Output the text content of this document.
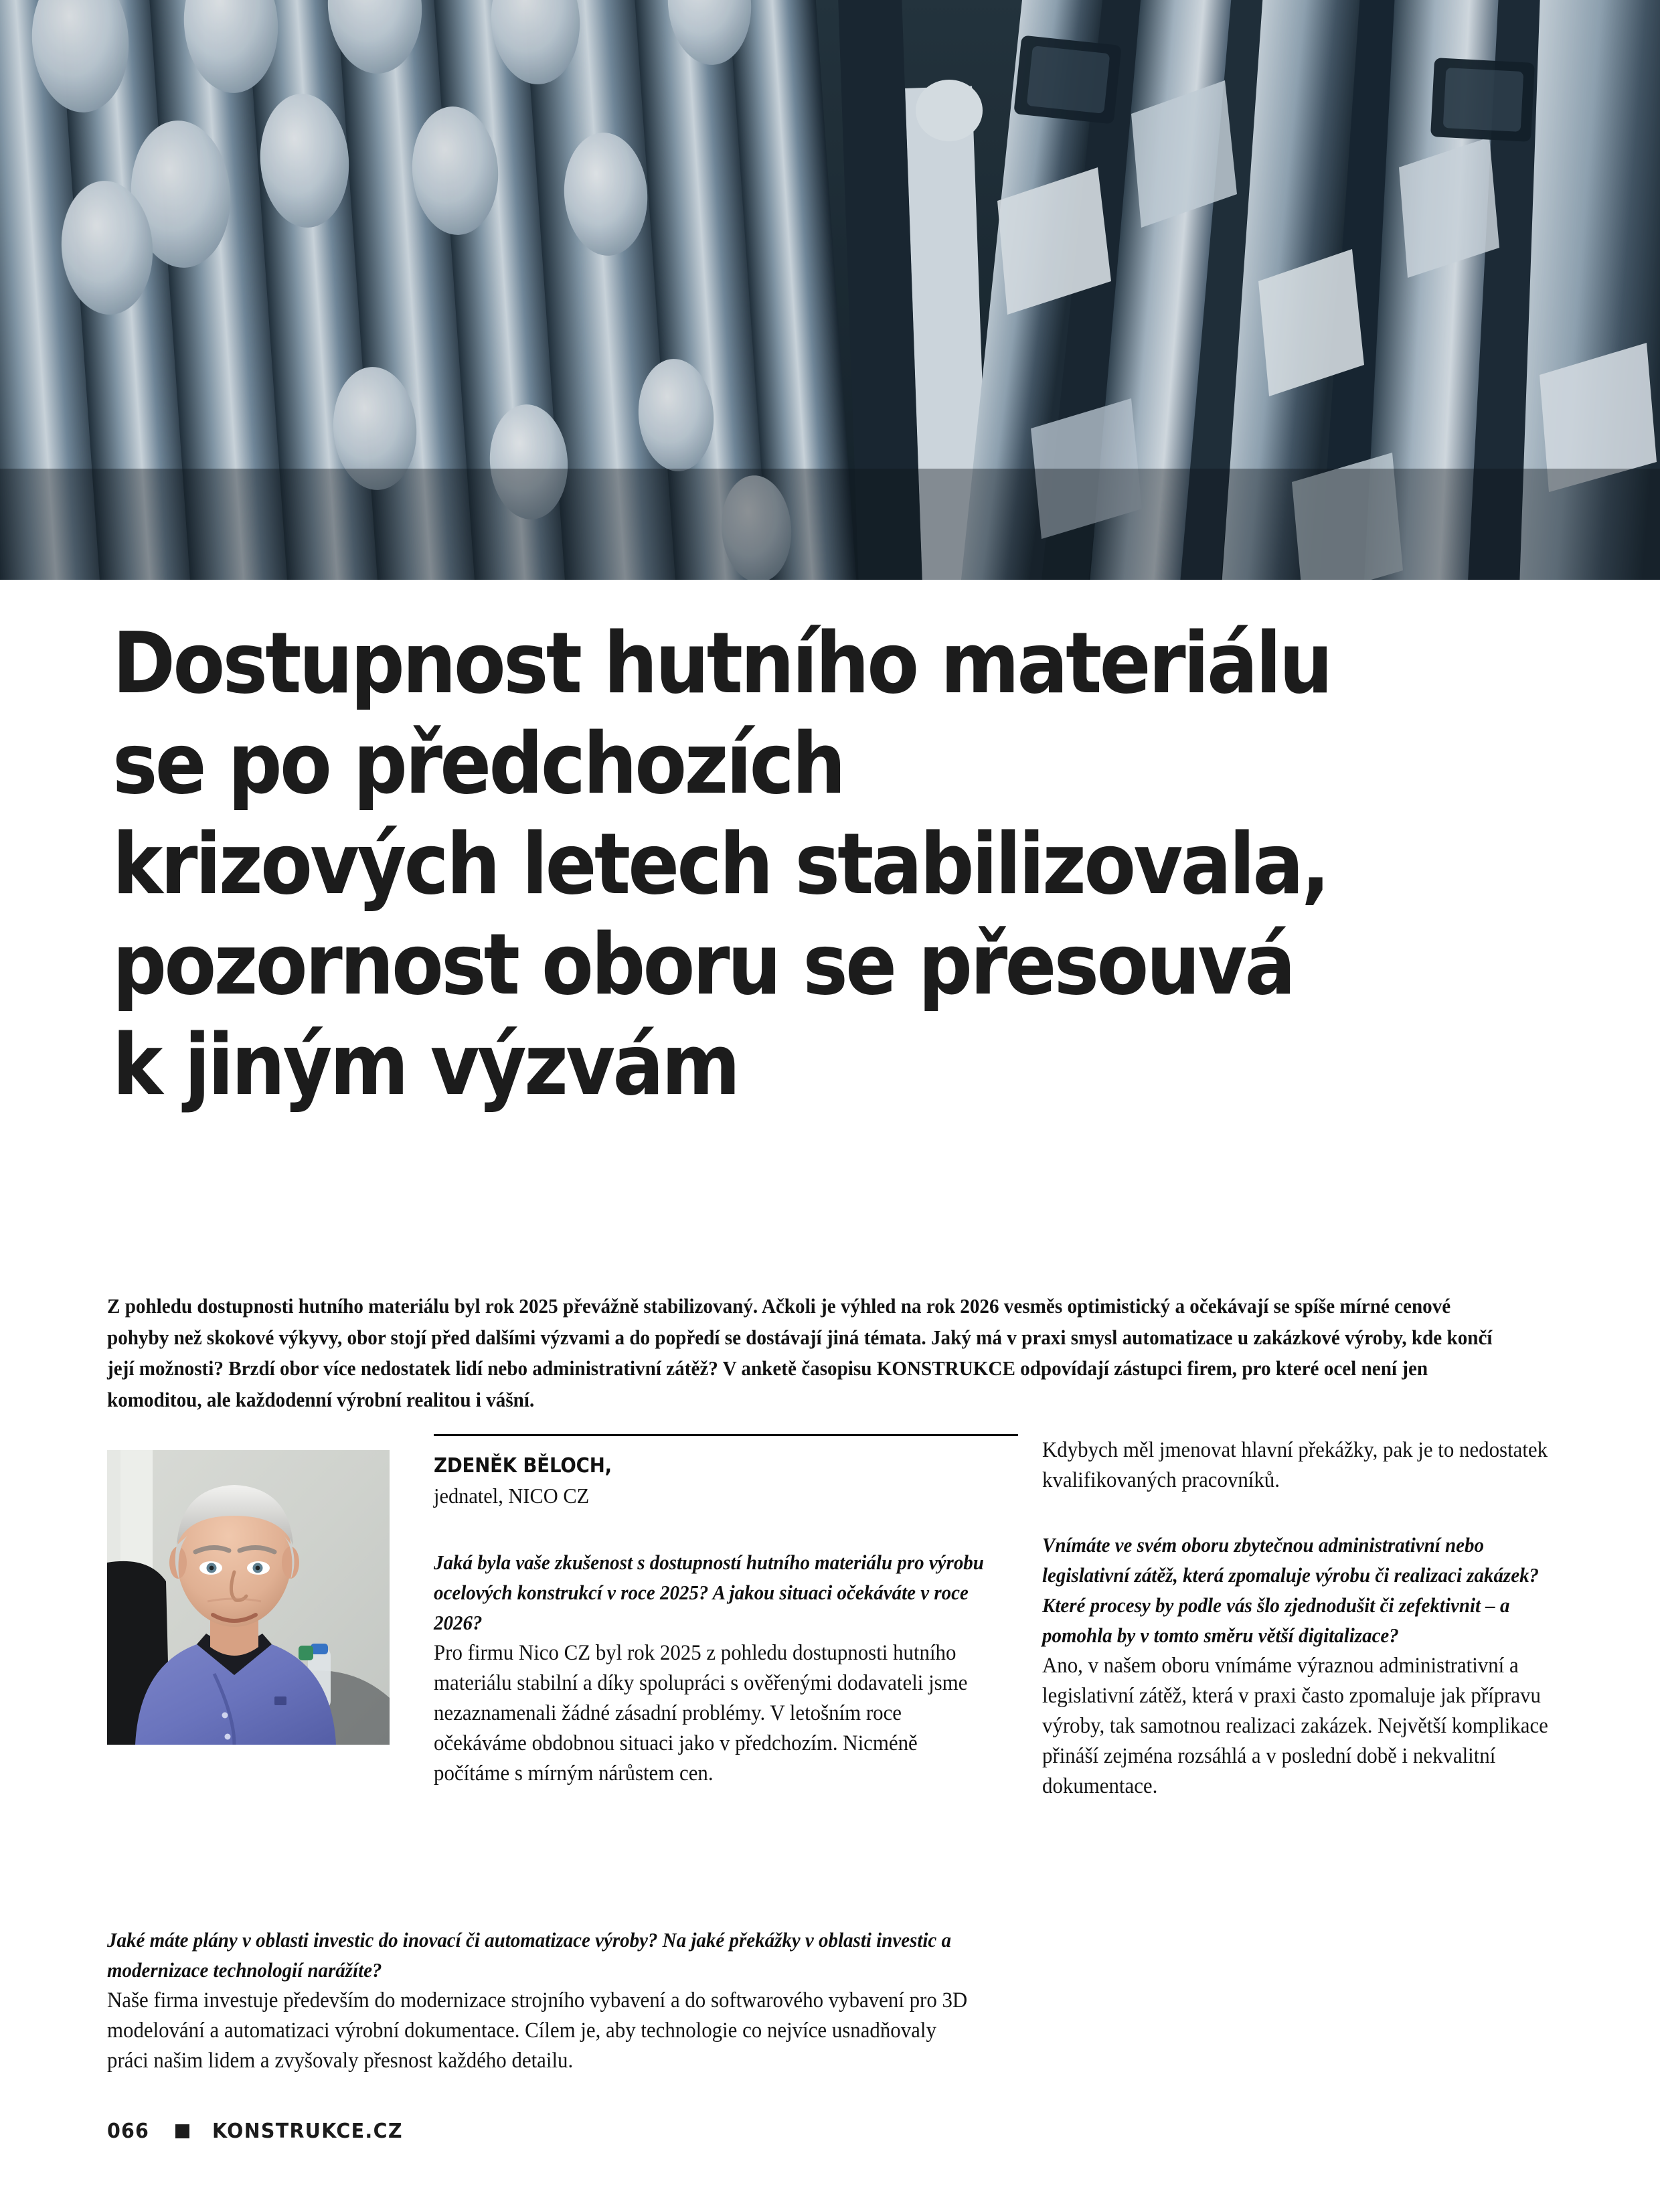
Dostupnost hutního materiálu
se po předchozích
krizových letech stabilizovala,
pozornost oboru se přesouvá
k jiným výzvám

Z pohledu dostupnosti hutního materiálu byl rok 2025 převážně stabilizovaný. Ačkoli je výhled na rok 2026 vesměs optimistický a očekávají se spíše mírné cenové pohyby než skokové výkyvy, obor stojí před dalšími výzvami a do popředí se dostávají jiná témata. Jaký má v praxi smysl automatizace u zakázkové výroby, kde končí její možnosti? Brzdí obor více nedostatek lidí nebo administrativní zátěž? V anketě časopisu KONSTRUKCE odpovídají zástupci firem, pro které ocel není jen komoditou, ale každodenní výrobní realitou i vášní.

ZDENĚK BĚLOCH,
jednatel, NICO CZ

Jaká byla vaše zkušenost s dostupností hutního materiálu pro výrobu ocelových konstrukcí v roce 2025? A jakou situaci očekáváte v roce 2026?

Pro firmu Nico CZ byl rok 2025 z pohledu dostupnosti hutního materiálu stabilní a díky spolupráci s ověřenými dodavateli jsme nezaznamenali žádné zásadní problémy. V letošním roce očekáváme obdobnou situaci jako v předchozím. Nicméně počítáme s mírným nárůstem cen.

Kdybych měl jmenovat hlavní překážky, pak je to nedostatek kvalifikovaných pracovníků.

Vnímáte ve svém oboru zbytečnou administrativní nebo legislativní zátěž, která zpomaluje výrobu či realizaci zakázek? Které procesy by podle vás šlo zjednodušit či zefektivnit – a pomohla by v tomto směru větší digitalizace?

Ano, v našem oboru vnímáme výraznou administrativní a legislativní zátěž, která v praxi často zpomaluje jak přípravu výroby, tak samotnou realizaci zakázek. Největší komplikace přináší zejména rozsáhlá a v poslední době i nekvalitní dokumentace.

Jaké máte plány v oblasti investic do inovací či automatizace výroby? Na jaké překážky v oblasti investic a modernizace technologií narážíte?

Naše firma investuje především do modernizace strojního vybavení a do softwarového vybavení pro 3D modelování a automatizaci výrobní dokumentace. Cílem je, aby technologie co nejvíce usnadňovaly práci našim lidem a zvyšovaly přesnost každého detailu.

066	KONSTRUKCE.CZ
